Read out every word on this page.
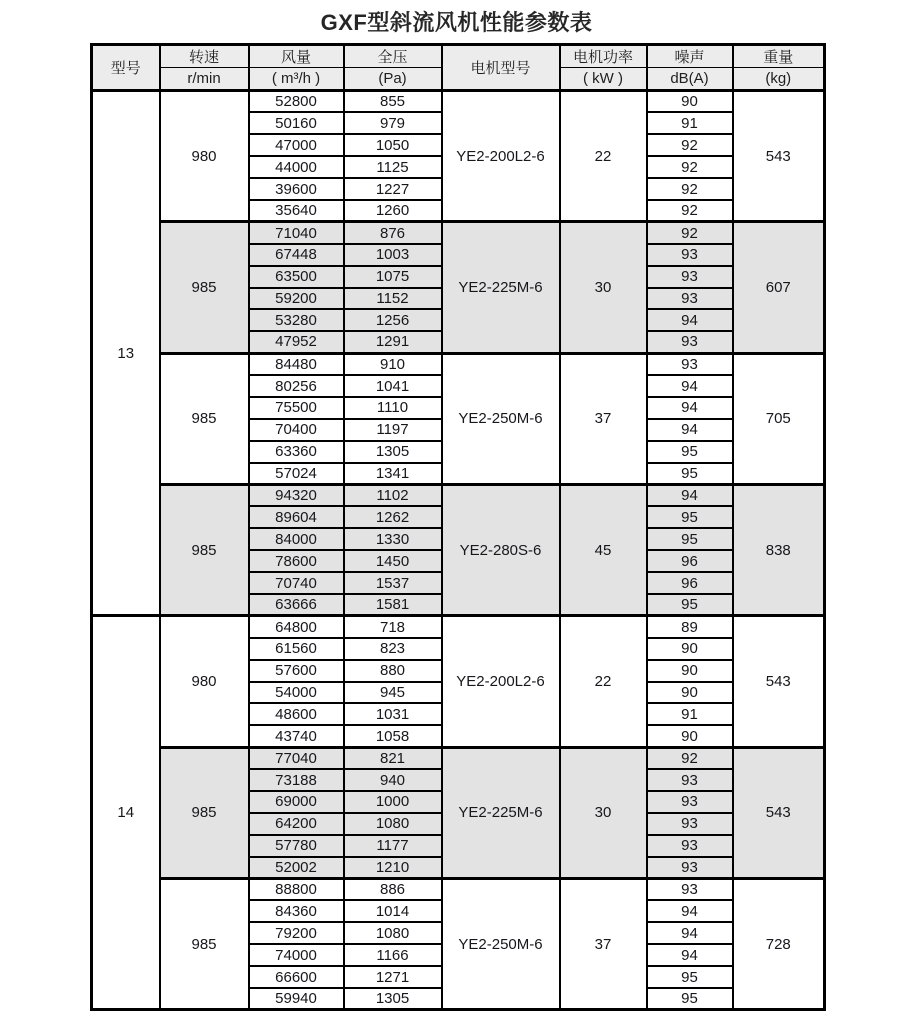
GXF型斜流风机性能参数表
型号	转速	风量	全压	电机型号	电机功率	噪声	重量
	r/min	( m³/h )	(Pa)		( kW )	dB(A)	(kg)
13	980	52800	855	YE2-200L2-6	22	90	543
		50160	979			91	
		47000	1050			92	
		44000	1125			92	
		39600	1227			92	
		35640	1260			92	
	985	71040	876	YE2-225M-6	30	92	607
		67448	1003			93	
		63500	1075			93	
		59200	1152			93	
		53280	1256			94	
		47952	1291			93	
	985	84480	910	YE2-250M-6	37	93	705
		80256	1041			94	
		75500	1110			94	
		70400	1197			94	
		63360	1305			95	
		57024	1341			95	
	985	94320	1102	YE2-280S-6	45	94	838
		89604	1262			95	
		84000	1330			95	
		78600	1450			96	
		70740	1537			96	
		63666	1581			95	
14	980	64800	718	YE2-200L2-6	22	89	543
		61560	823			90	
		57600	880			90	
		54000	945			90	
		48600	1031			91	
		43740	1058			90	
	985	77040	821	YE2-225M-6	30	92	543
		73188	940			93	
		69000	1000			93	
		64200	1080			93	
		57780	1177			93	
		52002	1210			93	
	985	88800	886	YE2-250M-6	37	93	728
		84360	1014			94	
		79200	1080			94	
		74000	1166			94	
		66600	1271			95	
		59940	1305			95	
